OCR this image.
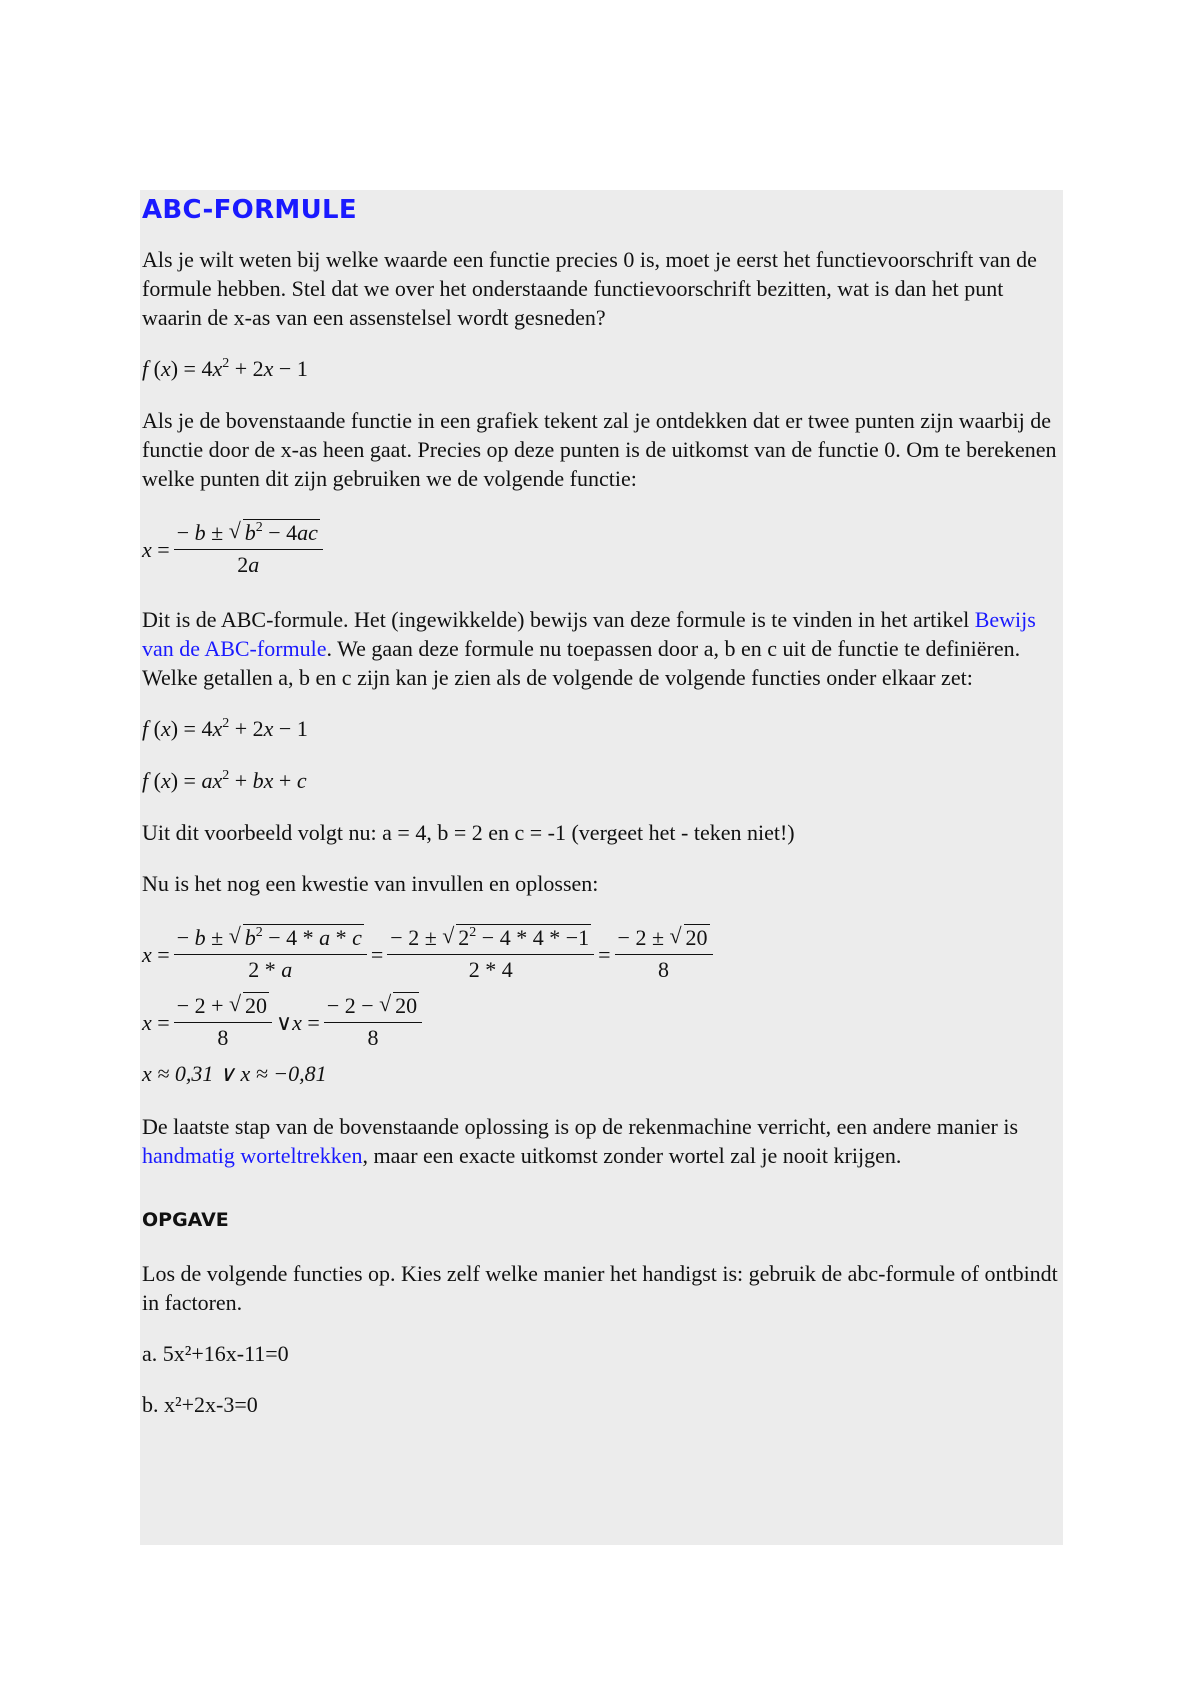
ABC-FORMULE

Als je wilt weten bij welke waarde een functie precies 0 is, moet je eerst het functievoorschrift van de formule hebben. Stel dat we over het onderstaande functievoorschrift bezitten, wat is dan het punt waarin de x-as van een assenstelsel wordt gesneden?

f $(x) = 4x^2 + 2x - 1$

Als je de bovenstaande functie in een grafiek tekent zal je ontdekken dat er twee punten zijn waarbij de functie door de x-as heen gaat. Precies op deze punten is de uitkomst van de functie 0. Om te berekenen welke punten dit zijn gebruiken we de volgende functie:

$x = \frac{- b \pm √ b^2 - 4ac}{2a}$

Dit is de ABC-formule. Het (ingewikkelde) bewijs van deze formule is te vinden in het artikel Bewijs van de ABC-formule. We gaan deze formule nu toepassen door a, b en c uit de functie te definiëren. Welke getallen a, b en c zijn kan je zien als de volgende de volgende functies onder elkaar zet:

f $(x) = 4x^2 + 2x - 1$
f $(x) = ax^2$ + bx + c

Uit dit voorbeeld volgt nu: a = 4, b = 2 en c = -1 (vergeet het - teken niet!)

Nu is het nog een kwestie van invullen en oplossen:

$x = \frac{- b \pm √ b^2 - 4 * a * c}{2 * a} = \frac{- 2 \pm √ 2^2 - 4 * 4 * -1}{2 * 4} = \frac{- 2 \pm √ 20}{8}$
$x = \frac{- 2 + √ 20}{8}$ ∨ $x = \frac{- 2 - √ 20}{8}$
x ≈ 0,31 ∨ x ≈ −0,81

De laatste stap van de bovenstaande oplossing is op de rekenmachine verricht, een andere manier is handmatig worteltrekken, maar een exacte uitkomst zonder wortel zal je nooit krijgen.

OPGAVE

Los de volgende functies op. Kies zelf welke manier het handigst is: gebruik de abc-formule of ontbindt in factoren.

a. 5x²+16x-11=0

b. x²+2x-3=0
